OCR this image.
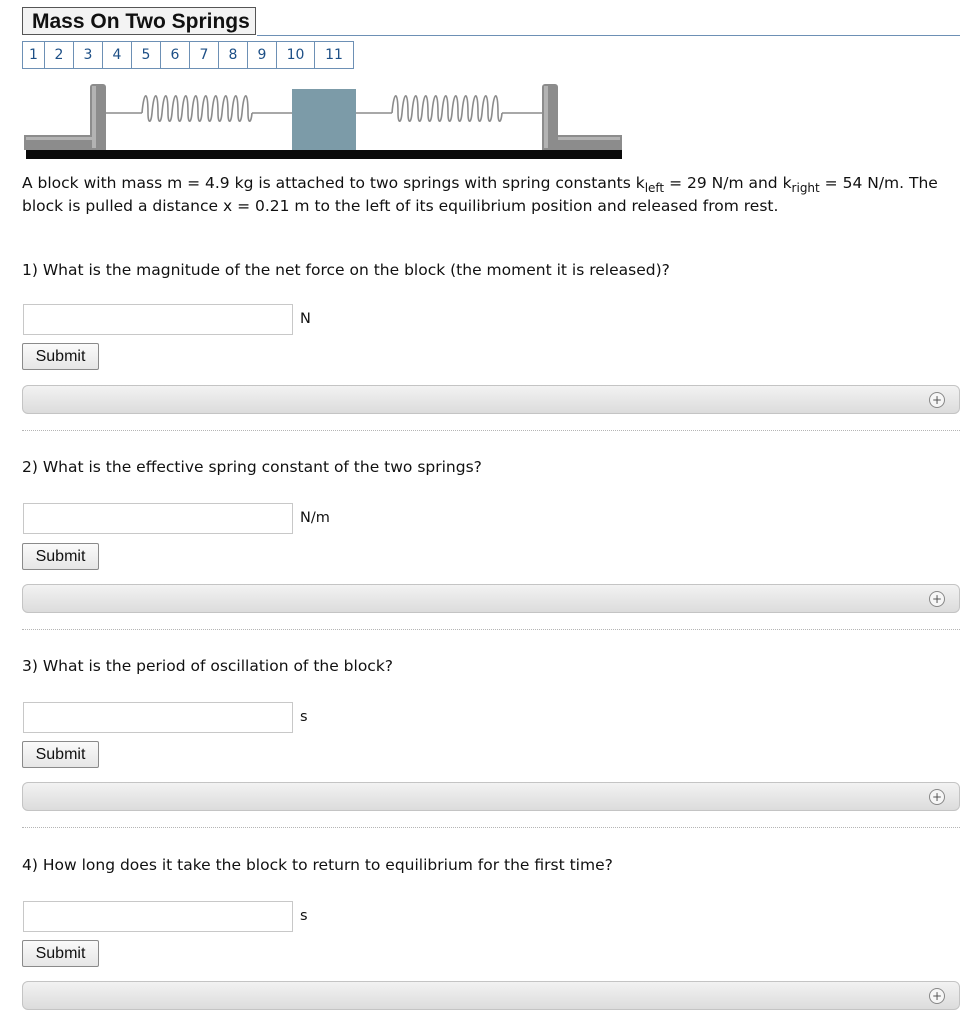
Mass On Two Springs
1	2	3	4	5	6	7	8	9	10	11
A block with mass m = 4.9 kg is attached to two springs with spring constants $k_{left} = 29$ N/m and $k_{right} = 54$ N/m. The block is pulled a distance x = 0.21 m to the left of its equilibrium position and released from rest.
1) What is the magnitude of the net force on the block (the moment it is released)?
N
Submit
+
2) What is the effective spring constant of the two springs?
N/m
Submit
+
3) What is the period of oscillation of the block?
s
Submit
+
4) How long does it take the block to return to equilibrium for the first time?
s
Submit
+
